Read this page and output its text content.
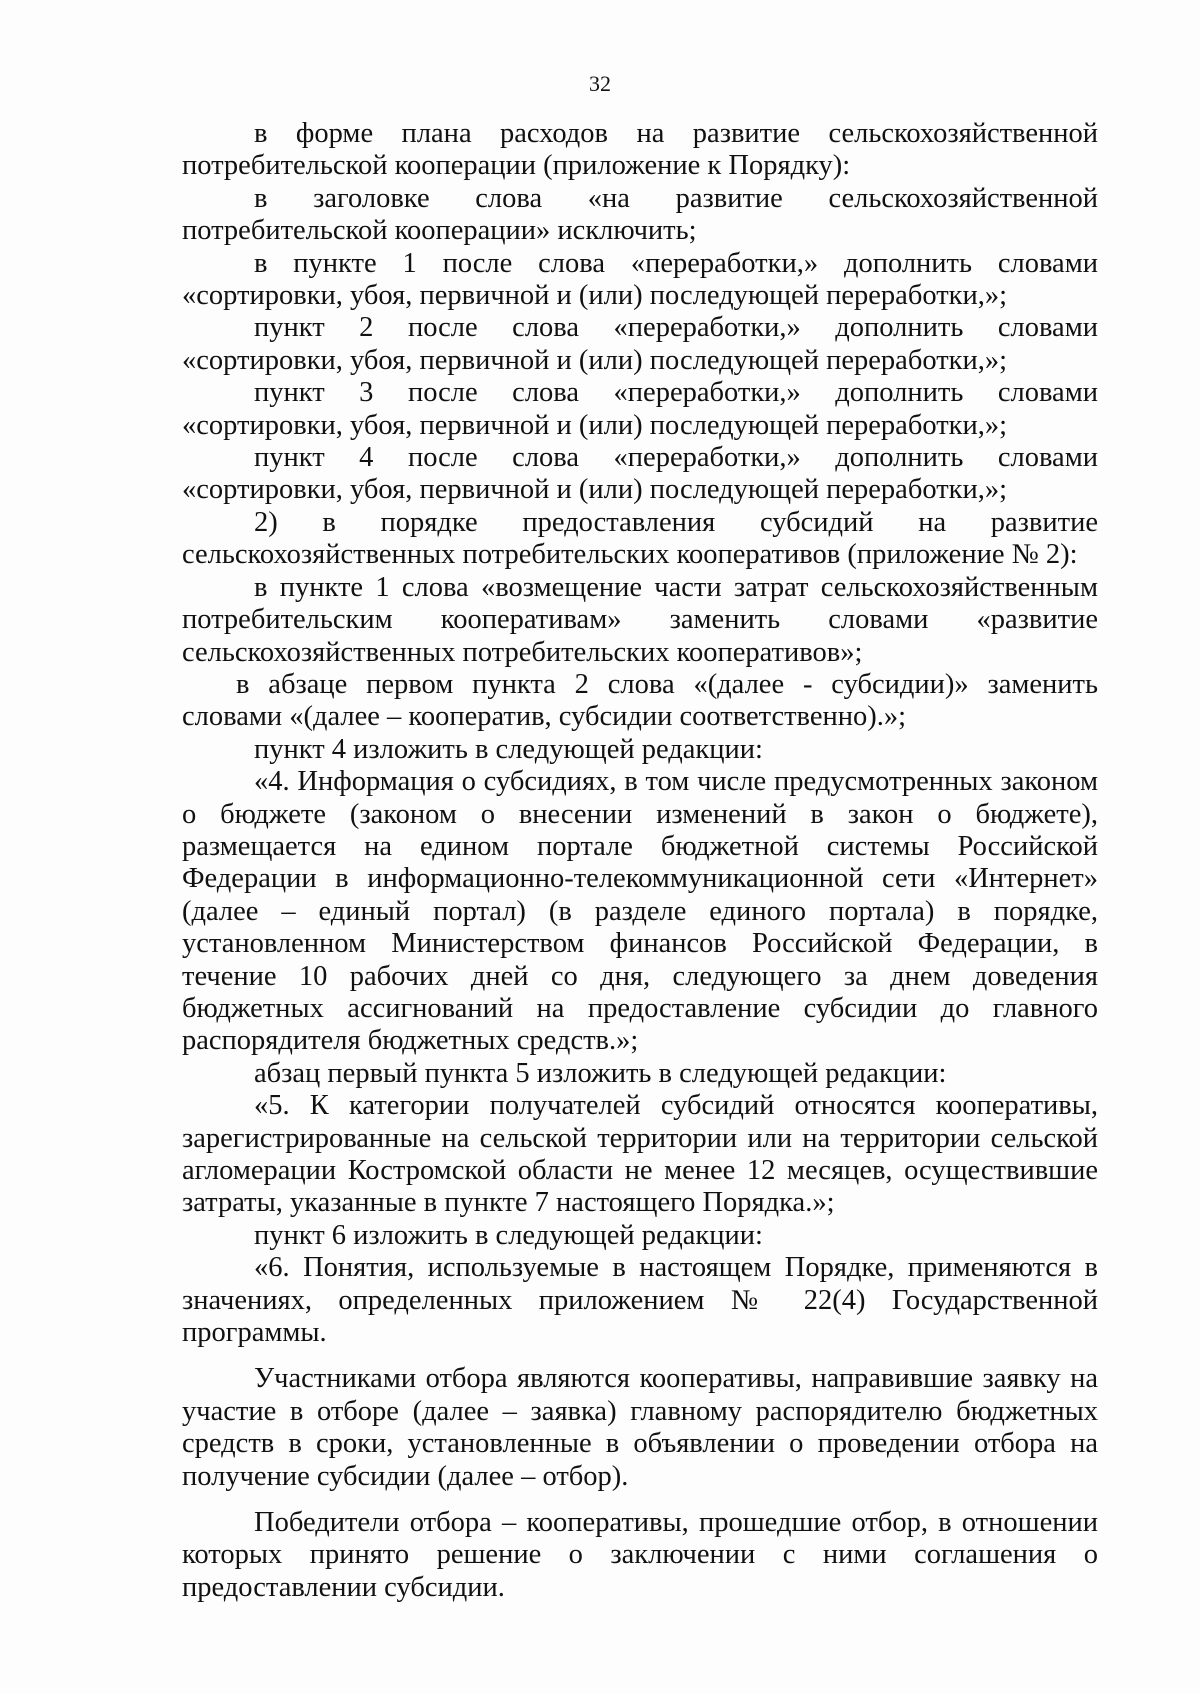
32

в форме плана расходов на развитие сельскохозяйственной потребительской кооперации (приложение к Порядку):

в заголовке слова «на развитие сельскохозяйственной потребительской кооперации» исключить;

в пункте 1 после слова «переработки,» дополнить словами «сортировки, убоя, первичной и (или) последующей переработки,»;

пункт 2 после слова «переработки,» дополнить словами «сортировки, убоя, первичной и (или) последующей переработки,»;

пункт 3 после слова «переработки,» дополнить словами «сортировки, убоя, первичной и (или) последующей переработки,»;

пункт 4 после слова «переработки,» дополнить словами «сортировки, убоя, первичной и (или) последующей переработки,»;

2) в порядке предоставления субсидий на развитие сельскохозяйственных потребительских кооперативов (приложение № 2):

в пункте 1 слова «возмещение части затрат сельскохозяйственным потребительским кооперативам» заменить словами «развитие сельскохозяйственных потребительских кооперативов»;

в абзаце первом пункта 2 слова «(далее - субсидии)» заменить словами «(далее – кооператив, субсидии соответственно).»;

пункт 4 изложить в следующей редакции:

«4. Информация о субсидиях, в том числе предусмотренных законом о бюджете (законом о внесении изменений в закон о бюджете), размещается на едином портале бюджетной системы Российской Федерации в информационно-телекоммуникационной сети «Интернет» (далее – единый портал) (в разделе единого портала) в порядке, установленном Министерством финансов Российской Федерации, в течение 10 рабочих дней со дня, следующего за днем доведения бюджетных ассигнований на предоставление субсидии до главного распорядителя бюджетных средств.»;

абзац первый пункта 5 изложить в следующей редакции:

«5. К категории получателей субсидий относятся кооперативы, зарегистрированные на сельской территории или на территории сельской агломерации Костромской области не менее 12 месяцев, осуществившие затраты, указанные в пункте 7 настоящего Порядка.»;

пункт 6 изложить в следующей редакции:

«6. Понятия, используемые в настоящем Порядке, применяются в значениях, определенных приложением № 22(4) Государственной программы.

Участниками отбора являются кооперативы, направившие заявку на участие в отборе (далее – заявка) главному распорядителю бюджетных средств в сроки, установленные в объявлении о проведении отбора на получение субсидии (далее – отбор).

Победители отбора – кооперативы, прошедшие отбор, в отношении которых принято решение о заключении с ними соглашения о предоставлении субсидии.
